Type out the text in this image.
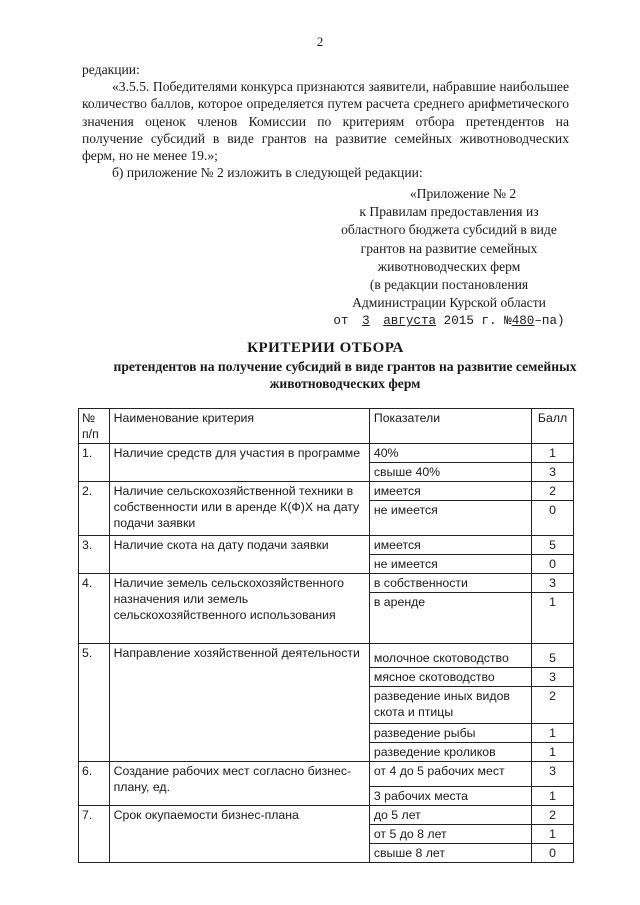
2

редакции:

«3.5.5. Победителями конкурса признаются заявители, набравшие наибольшее количество баллов, которое определяется путем расчета среднего арифметического значения оценок членов Комиссии по критериям отбора претендентов на получение субсидий в виде грантов на развитие семейных животноводческих ферм, но не менее 19.»;

б) приложение № 2 изложить в следующей редакции:

«Приложение № 2
к Правилам предоставления из
областного бюджета субсидий в виде
грантов на развитие семейных
животноводческих ферм
(в редакции постановления
Администрации Курской области
от 3 августа 2015 г. №480–па)
КРИТЕРИИ ОТБОРА
претендентов на получение субсидий в виде грантов на развитие семейных животноводческих ферм
№ п/п	Наименование критерия	Показатели	Балл
1.	Наличие средств для участия в программе	40%	1
		свыше 40%	3
2.	Наличие сельскохозяйственной техники в собственности или в аренде К(Ф)Х на дату подачи заявки	имеется	2
		не имеется	0
3.	Наличие скота на дату подачи заявки	имеется	5
		не имеется	0
4.	Наличие земель сельскохозяйственного назначения или земель сельскохозяйственного использования	в собственности	3
		в аренде	1
5.	Направление хозяйственной деятельности	молочное скотоводство	5
		мясное скотоводство	3
		разведение иных видов скота и птицы	2
		разведение рыбы	1
		разведение кроликов	1
6.	Создание рабочих мест согласно бизнес-плану, ед.	от 4 до 5 рабочих мест	3
		3 рабочих места	1
7.	Срок окупаемости бизнес-плана	до 5 лет	2
		от 5 до 8 лет	1
		свыше 8 лет	0
